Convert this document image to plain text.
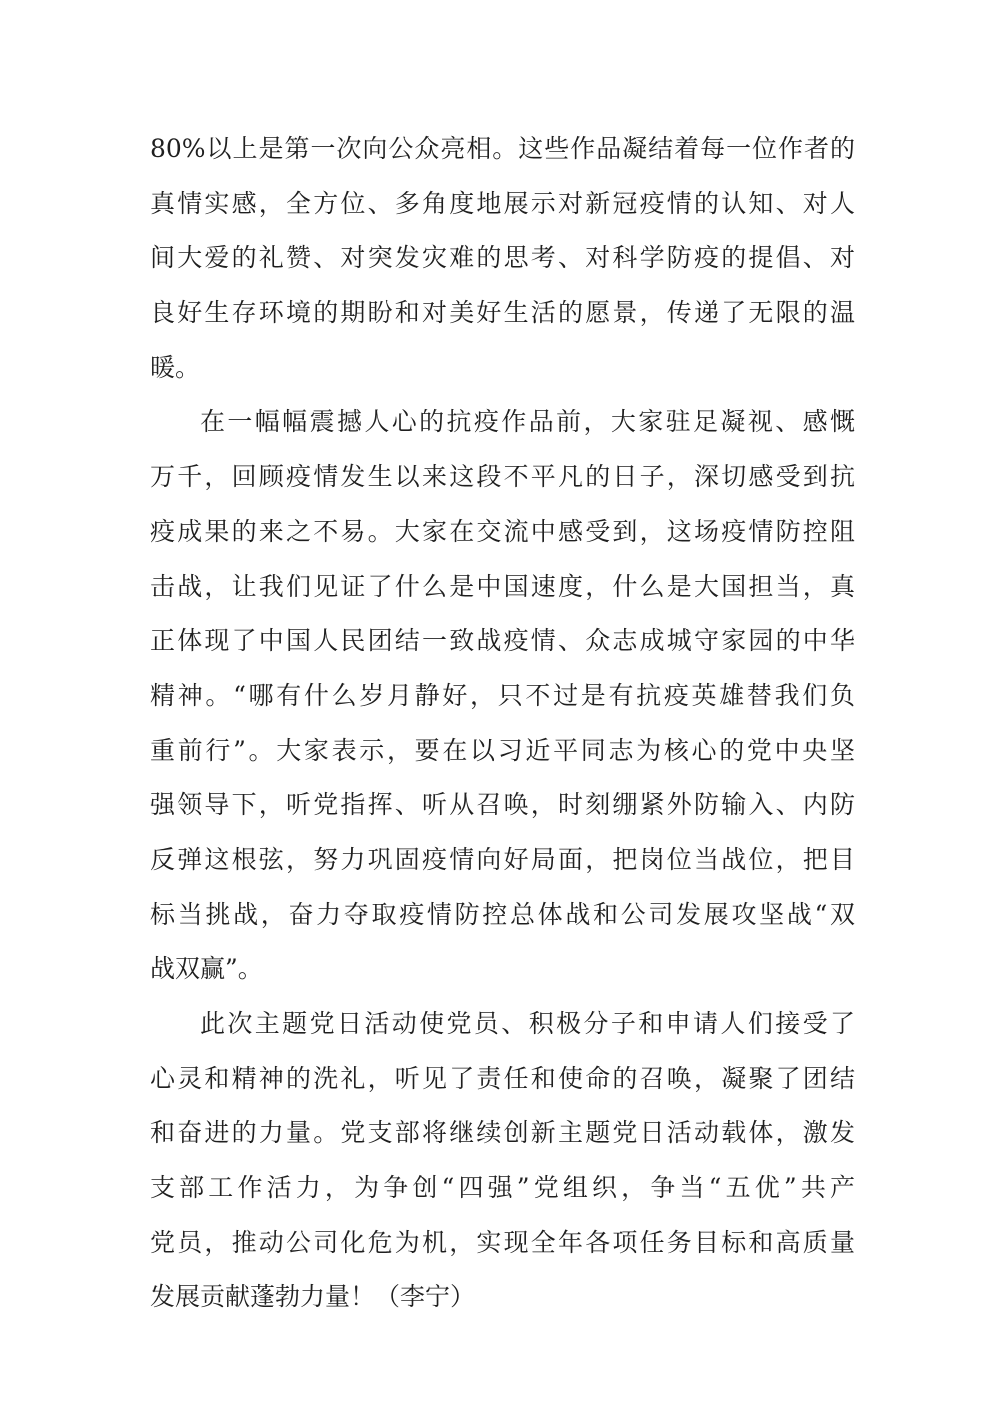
80%以上是第一次向公众亮相。这些作品凝结着每一位作者的
真情实感，全方位、多角度地展示对新冠疫情的认知、对人
间大爱的礼赞、对突发灾难的思考、对科学防疫的提倡、对
良好生存环境的期盼和对美好生活的愿景，传递了无限的温
暖。
在一幅幅震撼人心的抗疫作品前，大家驻足凝视、感慨
万千，回顾疫情发生以来这段不平凡的日子，深切感受到抗
疫成果的来之不易。大家在交流中感受到，这场疫情防控阻
击战，让我们见证了什么是中国速度，什么是大国担当，真
正体现了中国人民团结一致战疫情、众志成城守家园的中华
精神。“哪有什么岁月静好，只不过是有抗疫英雄替我们负
重前行”。大家表示，要在以习近平同志为核心的党中央坚
强领导下，听党指挥、听从召唤，时刻绷紧外防输入、内防
反弹这根弦，努力巩固疫情向好局面，把岗位当战位，把目
标当挑战，奋力夺取疫情防控总体战和公司发展攻坚战“双
战双赢”。
此次主题党日活动使党员、积极分子和申请人们接受了
心灵和精神的洗礼，听见了责任和使命的召唤，凝聚了团结
和奋进的力量。党支部将继续创新主题党日活动载体，激发
支部工作活力，为争创“四强”党组织，争当“五优”共产
党员，推动公司化危为机，实现全年各项任务目标和高质量
发展贡献蓬勃力量！（李宁）
